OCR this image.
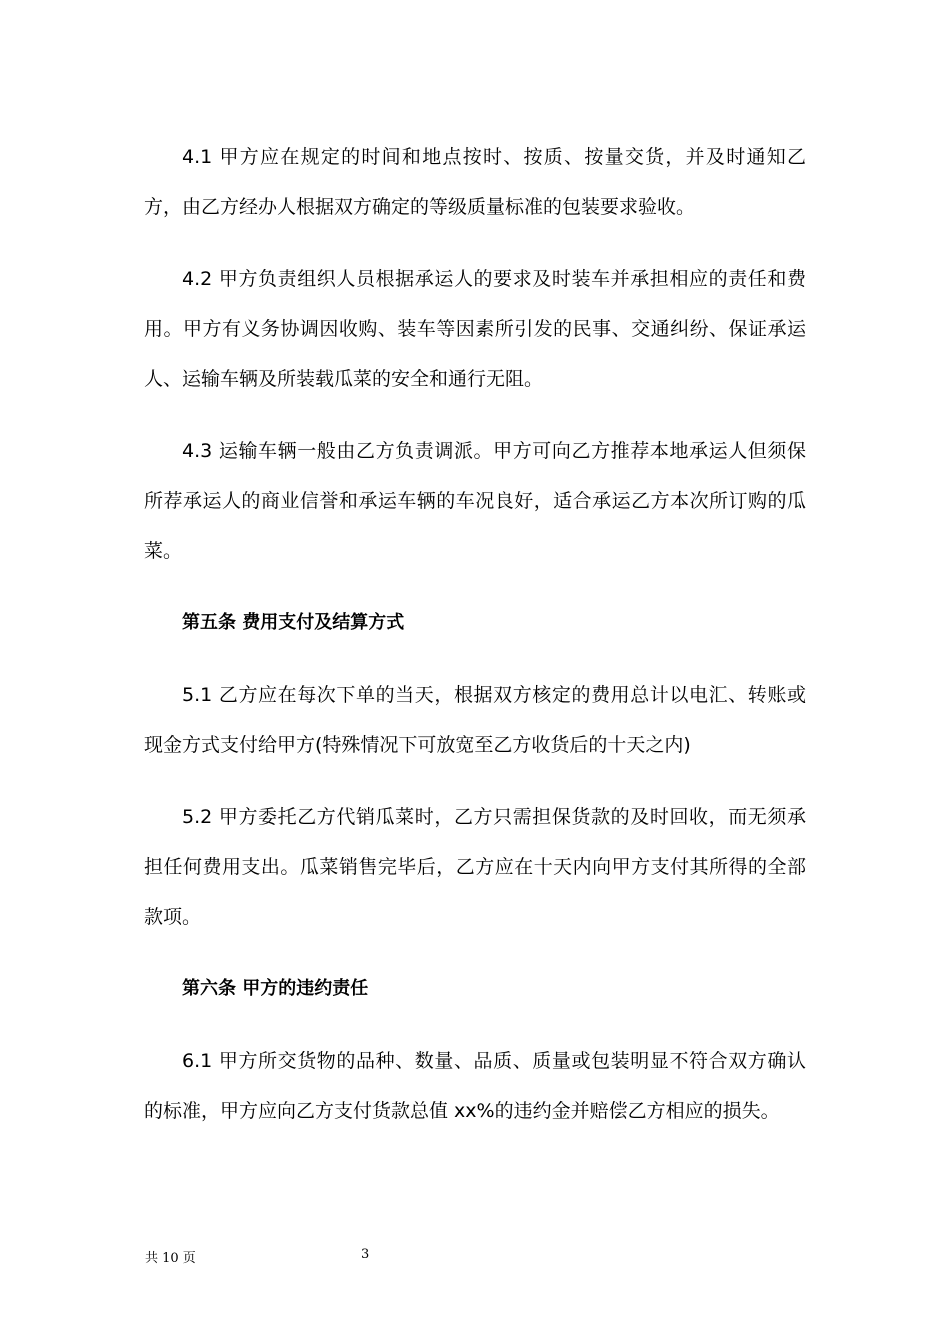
4.1 甲方应在规定的时间和地点按时、按质、按量交货，并及时通知乙方，由乙方经办人根据双方确定的等级质量标准的包装要求验收。

4.2 甲方负责组织人员根据承运人的要求及时装车并承担相应的责任和费用。甲方有义务协调因收购、装车等因素所引发的民事、交通纠纷、保证承运人、运输车辆及所装载瓜菜的安全和通行无阻。

4.3 运输车辆一般由乙方负责调派。甲方可向乙方推荐本地承运人但须保所荐承运人的商业信誉和承运车辆的车况良好，适合承运乙方本次所订购的瓜菜。

第五条 费用支付及结算方式

5.1 乙方应在每次下单的当天，根据双方核定的费用总计以电汇、转账或现金方式支付给甲方(特殊情况下可放宽至乙方收货后的十天之内)

5.2 甲方委托乙方代销瓜菜时，乙方只需担保货款的及时回收，而无须承担任何费用支出。瓜菜销售完毕后，乙方应在十天内向甲方支付其所得的全部款项。

第六条 甲方的违约责任

6.1 甲方所交货物的品种、数量、品质、质量或包装明显不符合双方确认的标准，甲方应向乙方支付货款总值 xx%的违约金并赔偿乙方相应的损失。

共 10 页	3
